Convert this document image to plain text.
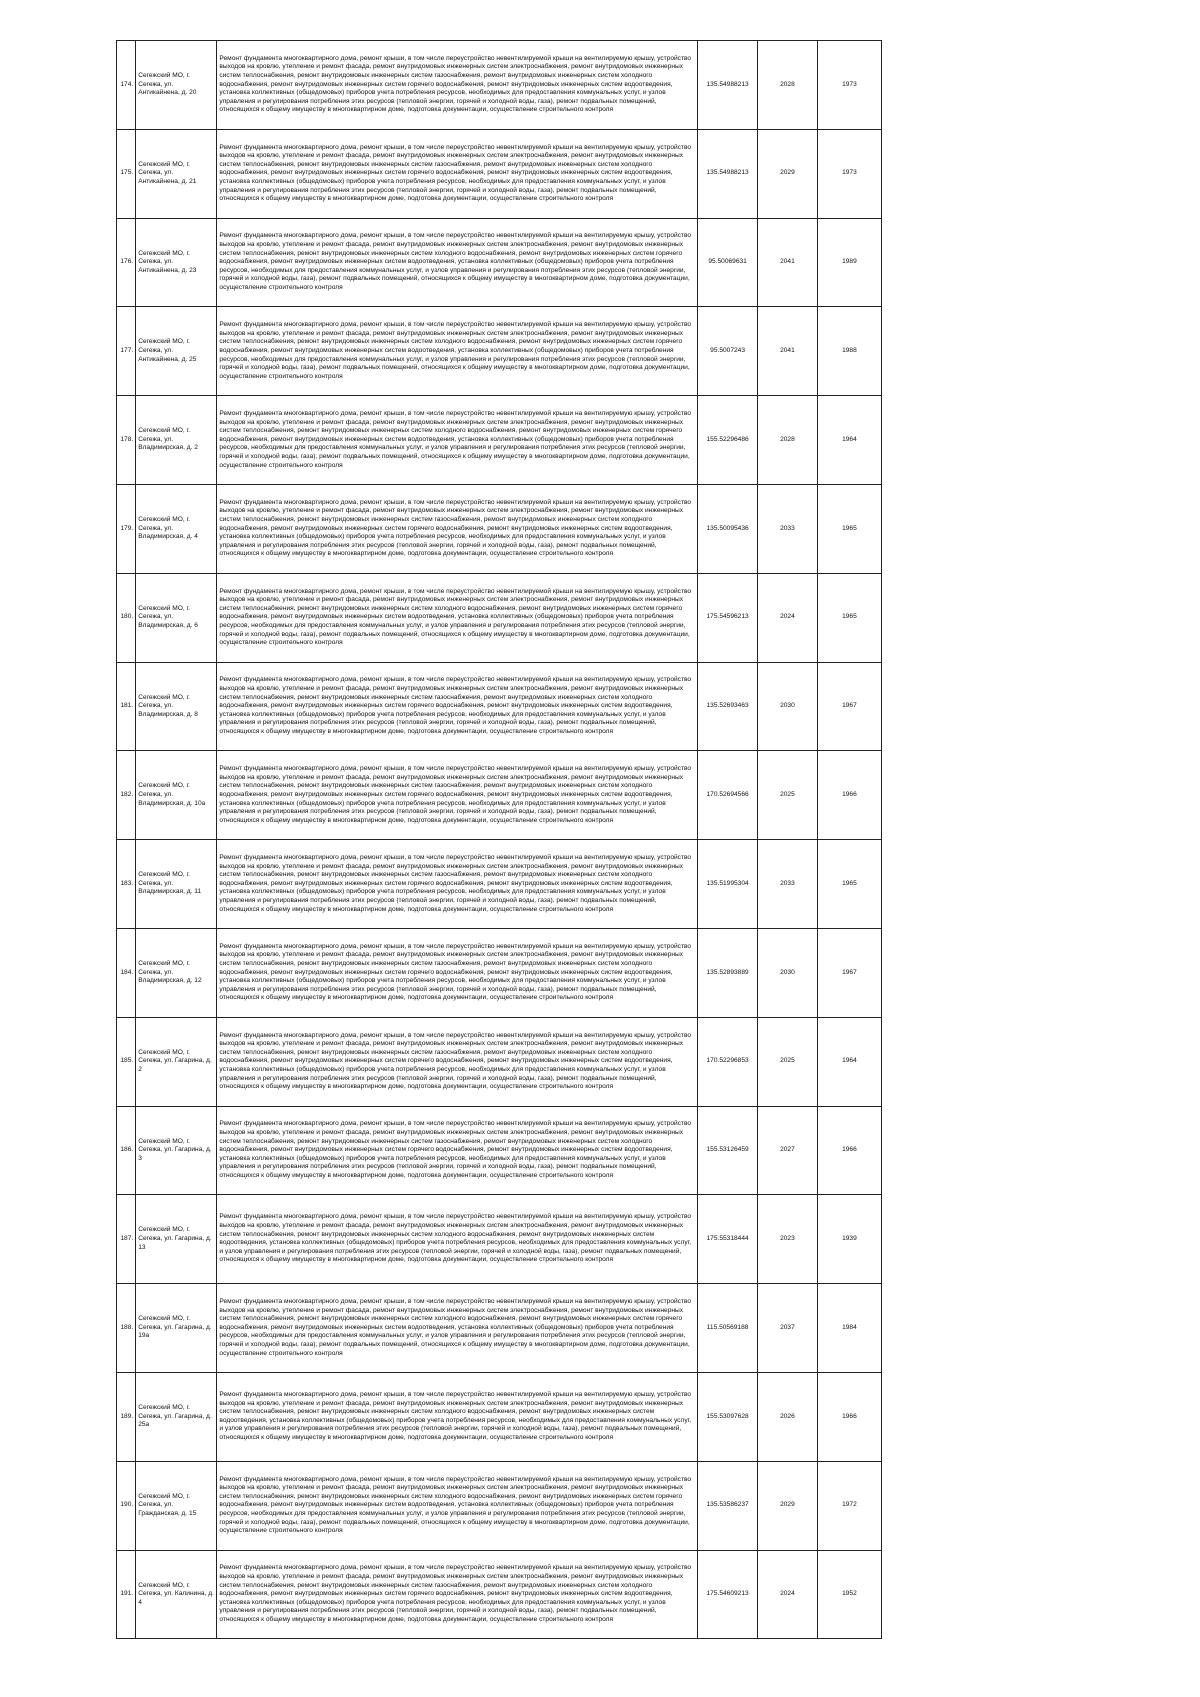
174.	Сегежский МО, г. Сегежа, ул. Антикайнена, д. 20	Ремонт фундамента многоквартирного дома, ремонт крыши, в том числе переустройство невентилируемой крыши на вентилируемую крышу, устройство выходов на кровлю, утепление и ремонт фасада, ремонт внутридомовых инженерных систем электроснабжения, ремонт внутридомовых инженерных систем теплоснабжения, ремонт внутридомовых инженерных систем газоснабжения, ремонт внутридомовых инженерных систем холодного водоснабжения, ремонт внутридомовых инженерных систем горячего водоснабжения, ремонт внутридомовых инженерных систем водоотведения, установка коллективных (общедомовых) приборов учета потребления ресурсов, необходимых для предоставления коммунальных услуг, и узлов управления и регулирования потребления этих ресурсов (тепловой энергии, горячей и холодной воды, газа), ремонт подвальных помещений, относящихся к общему имуществу в многоквартирном доме, подготовка документации, осуществление строительного контроля	135.54988213	2028	1973
175.	Сегежский МО, г. Сегежа, ул. Антикайнена, д. 21	Ремонт фундамента многоквартирного дома, ремонт крыши, в том числе переустройство невентилируемой крыши на вентилируемую крышу, устройство выходов на кровлю, утепление и ремонт фасада, ремонт внутридомовых инженерных систем электроснабжения, ремонт внутридомовых инженерных систем теплоснабжения, ремонт внутридомовых инженерных систем газоснабжения, ремонт внутридомовых инженерных систем холодного водоснабжения, ремонт внутридомовых инженерных систем горячего водоснабжения, ремонт внутридомовых инженерных систем водоотведения, установка коллективных (общедомовых) приборов учета потребления ресурсов, необходимых для предоставления коммунальных услуг, и узлов управления и регулирования потребления этих ресурсов (тепловой энергии, горячей и холодной воды, газа), ремонт подвальных помещений, относящихся к общему имуществу в многоквартирном доме, подготовка документации, осуществление строительного контроля	135.54988213	2029	1973
176.	Сегежский МО, г. Сегежа, ул. Антикайнена, д. 23	Ремонт фундамента многоквартирного дома, ремонт крыши, в том числе переустройство невентилируемой крыши на вентилируемую крышу, устройство выходов на кровлю, утепление и ремонт фасада, ремонт внутридомовых инженерных систем электроснабжения, ремонт внутридомовых инженерных систем теплоснабжения, ремонт внутридомовых инженерных систем холодного водоснабжения, ремонт внутридомовых инженерных систем горячего водоснабжения, ремонт внутридомовых инженерных систем водоотведения, установка коллективных (общедомовых) приборов учета потребления ресурсов, необходимых для предоставления коммунальных услуг, и узлов управления и регулирования потребления этих ресурсов (тепловой энергии, горячей и холодной воды, газа), ремонт подвальных помещений, относящихся к общему имуществу в многоквартирном доме, подготовка документации, осуществление строительного контроля	95.50069631	2041	1989
177.	Сегежский МО, г. Сегежа, ул. Антикайнена, д. 25	Ремонт фундамента многоквартирного дома, ремонт крыши, в том числе переустройство невентилируемой крыши на вентилируемую крышу, устройство выходов на кровлю, утепление и ремонт фасада, ремонт внутридомовых инженерных систем электроснабжения, ремонт внутридомовых инженерных систем теплоснабжения, ремонт внутридомовых инженерных систем холодного водоснабжения, ремонт внутридомовых инженерных систем горячего водоснабжения, ремонт внутридомовых инженерных систем водоотведения, установка коллективных (общедомовых) приборов учета потребления ресурсов, необходимых для предоставления коммунальных услуг, и узлов управления и регулирования потребления этих ресурсов (тепловой энергии, горячей и холодной воды, газа), ремонт подвальных помещений, относящихся к общему имуществу в многоквартирном доме, подготовка документации, осуществление строительного контроля	95.5007243	2041	1988
178.	Сегежский МО, г. Сегежа, ул. Владимирская, д. 2	Ремонт фундамента многоквартирного дома, ремонт крыши, в том числе переустройство невентилируемой крыши на вентилируемую крышу, устройство выходов на кровлю, утепление и ремонт фасада, ремонт внутридомовых инженерных систем электроснабжения, ремонт внутридомовых инженерных систем теплоснабжения, ремонт внутридомовых инженерных систем холодного водоснабжения, ремонт внутридомовых инженерных систем горячего водоснабжения, ремонт внутридомовых инженерных систем водоотведения, установка коллективных (общедомовых) приборов учета потребления ресурсов, необходимых для предоставления коммунальных услуг, и узлов управления и регулирования потребления этих ресурсов (тепловой энергии, горячей и холодной воды, газа), ремонт подвальных помещений, относящихся к общему имуществу в многоквартирном доме, подготовка документации, осуществление строительного контроля	155.52296486	2028	1964
179.	Сегежский МО, г. Сегежа, ул. Владимирская, д. 4	Ремонт фундамента многоквартирного дома, ремонт крыши, в том числе переустройство невентилируемой крыши на вентилируемую крышу, устройство выходов на кровлю, утепление и ремонт фасада, ремонт внутридомовых инженерных систем электроснабжения, ремонт внутридомовых инженерных систем теплоснабжения, ремонт внутридомовых инженерных систем газоснабжения, ремонт внутридомовых инженерных систем холодного водоснабжения, ремонт внутридомовых инженерных систем горячего водоснабжения, ремонт внутридомовых инженерных систем водоотведения, установка коллективных (общедомовых) приборов учета потребления ресурсов, необходимых для предоставления коммунальных услуг, и узлов управления и регулирования потребления этих ресурсов (тепловой энергии, горячей и холодной воды, газа), ремонт подвальных помещений, относящихся к общему имуществу в многоквартирном доме, подготовка документации, осуществление строительного контроля	135.50095436	2033	1965
180.	Сегежский МО, г. Сегежа, ул. Владимирская, д. 6	Ремонт фундамента многоквартирного дома, ремонт крыши, в том числе переустройство невентилируемой крыши на вентилируемую крышу, устройство выходов на кровлю, утепление и ремонт фасада, ремонт внутридомовых инженерных систем электроснабжения, ремонт внутридомовых инженерных систем теплоснабжения, ремонт внутридомовых инженерных систем холодного водоснабжения, ремонт внутридомовых инженерных систем горячего водоснабжения, ремонт внутридомовых инженерных систем водоотведения, установка коллективных (общедомовых) приборов учета потребления ресурсов, необходимых для предоставления коммунальных услуг, и узлов управления и регулирования потребления этих ресурсов (тепловой энергии, горячей и холодной воды, газа), ремонт подвальных помещений, относящихся к общему имуществу в многоквартирном доме, подготовка документации, осуществление строительного контроля	175.54596213	2024	1965
181.	Сегежский МО, г. Сегежа, ул. Владимирская, д. 8	Ремонт фундамента многоквартирного дома, ремонт крыши, в том числе переустройство невентилируемой крыши на вентилируемую крышу, устройство выходов на кровлю, утепление и ремонт фасада, ремонт внутридомовых инженерных систем электроснабжения, ремонт внутридомовых инженерных систем теплоснабжения, ремонт внутридомовых инженерных систем газоснабжения, ремонт внутридомовых инженерных систем холодного водоснабжения, ремонт внутридомовых инженерных систем горячего водоснабжения, ремонт внутридомовых инженерных систем водоотведения, установка коллективных (общедомовых) приборов учета потребления ресурсов, необходимых для предоставления коммунальных услуг, и узлов управления и регулирования потребления этих ресурсов (тепловой энергии, горячей и холодной воды, газа), ремонт подвальных помещений, относящихся к общему имуществу в многоквартирном доме, подготовка документации, осуществление строительного контроля	135.52693463	2030	1967
182.	Сегежский МО, г. Сегежа, ул. Владимирская, д. 10а	Ремонт фундамента многоквартирного дома, ремонт крыши, в том числе переустройство невентилируемой крыши на вентилируемую крышу, устройство выходов на кровлю, утепление и ремонт фасада, ремонт внутридомовых инженерных систем электроснабжения, ремонт внутридомовых инженерных систем теплоснабжения, ремонт внутридомовых инженерных систем газоснабжения, ремонт внутридомовых инженерных систем холодного водоснабжения, ремонт внутридомовых инженерных систем горячего водоснабжения, ремонт внутридомовых инженерных систем водоотведения, установка коллективных (общедомовых) приборов учета потребления ресурсов, необходимых для предоставления коммунальных услуг, и узлов управления и регулирования потребления этих ресурсов (тепловой энергии, горячей и холодной воды, газа), ремонт подвальных помещений, относящихся к общему имуществу в многоквартирном доме, подготовка документации, осуществление строительного контроля	170.52694566	2025	1966
183.	Сегежский МО, г. Сегежа, ул. Владимирская, д. 11	Ремонт фундамента многоквартирного дома, ремонт крыши, в том числе переустройство невентилируемой крыши на вентилируемую крышу, устройство выходов на кровлю, утепление и ремонт фасада, ремонт внутридомовых инженерных систем электроснабжения, ремонт внутридомовых инженерных систем теплоснабжения, ремонт внутридомовых инженерных систем газоснабжения, ремонт внутридомовых инженерных систем холодного водоснабжения, ремонт внутридомовых инженерных систем горячего водоснабжения, ремонт внутридомовых инженерных систем водоотведения, установка коллективных (общедомовых) приборов учета потребления ресурсов, необходимых для предоставления коммунальных услуг, и узлов управления и регулирования потребления этих ресурсов (тепловой энергии, горячей и холодной воды, газа), ремонт подвальных помещений, относящихся к общему имуществу в многоквартирном доме, подготовка документации, осуществление строительного контроля	135.51995304	2033	1965
184.	Сегежский МО, г. Сегежа, ул. Владимирская, д. 12	Ремонт фундамента многоквартирного дома, ремонт крыши, в том числе переустройство невентилируемой крыши на вентилируемую крышу, устройство выходов на кровлю, утепление и ремонт фасада, ремонт внутридомовых инженерных систем электроснабжения, ремонт внутридомовых инженерных систем теплоснабжения, ремонт внутридомовых инженерных систем газоснабжения, ремонт внутридомовых инженерных систем холодного водоснабжения, ремонт внутридомовых инженерных систем горячего водоснабжения, ремонт внутридомовых инженерных систем водоотведения, установка коллективных (общедомовых) приборов учета потребления ресурсов, необходимых для предоставления коммунальных услуг, и узлов управления и регулирования потребления этих ресурсов (тепловой энергии, горячей и холодной воды, газа), ремонт подвальных помещений, относящихся к общему имуществу в многоквартирном доме, подготовка документации, осуществление строительного контроля	135.52893889	2030	1967
185.	Сегежский МО, г. Сегежа, ул. Гагарина, д. 2	Ремонт фундамента многоквартирного дома, ремонт крыши, в том числе переустройство невентилируемой крыши на вентилируемую крышу, устройство выходов на кровлю, утепление и ремонт фасада, ремонт внутридомовых инженерных систем электроснабжения, ремонт внутридомовых инженерных систем теплоснабжения, ремонт внутридомовых инженерных систем газоснабжения, ремонт внутридомовых инженерных систем холодного водоснабжения, ремонт внутридомовых инженерных систем горячего водоснабжения, ремонт внутридомовых инженерных систем водоотведения, установка коллективных (общедомовых) приборов учета потребления ресурсов, необходимых для предоставления коммунальных услуг, и узлов управления и регулирования потребления этих ресурсов (тепловой энергии, горячей и холодной воды, газа), ремонт подвальных помещений, относящихся к общему имуществу в многоквартирном доме, подготовка документации, осуществление строительного контроля	170.52296853	2025	1964
186.	Сегежский МО, г. Сегежа, ул. Гагарина, д. 3	Ремонт фундамента многоквартирного дома, ремонт крыши, в том числе переустройство невентилируемой крыши на вентилируемую крышу, устройство выходов на кровлю, утепление и ремонт фасада, ремонт внутридомовых инженерных систем электроснабжения, ремонт внутридомовых инженерных систем теплоснабжения, ремонт внутридомовых инженерных систем газоснабжения, ремонт внутридомовых инженерных систем холодного водоснабжения, ремонт внутридомовых инженерных систем горячего водоснабжения, ремонт внутридомовых инженерных систем водоотведения, установка коллективных (общедомовых) приборов учета потребления ресурсов, необходимых для предоставления коммунальных услуг, и узлов управления и регулирования потребления этих ресурсов (тепловой энергии, горячей и холодной воды, газа), ремонт подвальных помещений, относящихся к общему имуществу в многоквартирном доме, подготовка документации, осуществление строительного контроля	155.53126459	2027	1966
187.	Сегежский МО, г. Сегежа, ул. Гагарина, д. 13	Ремонт фундамента многоквартирного дома, ремонт крыши, в том числе переустройство невентилируемой крыши на вентилируемую крышу, устройство выходов на кровлю, утепление и ремонт фасада, ремонт внутридомовых инженерных систем электроснабжения, ремонт внутридомовых инженерных систем теплоснабжения, ремонт внутридомовых инженерных систем холодного водоснабжения, ремонт внутридомовых инженерных систем водоотведения, установка коллективных (общедомовых) приборов учета потребления ресурсов, необходимых для предоставления коммунальных услуг, и узлов управления и регулирования потребления этих ресурсов (тепловой энергии, горячей и холодной воды, газа), ремонт подвальных помещений, относящихся к общему имуществу в многоквартирном доме, подготовка документации, осуществление строительного контроля	175.55318444	2023	1939
188.	Сегежский МО, г. Сегежа, ул. Гагарина, д. 19а	Ремонт фундамента многоквартирного дома, ремонт крыши, в том числе переустройство невентилируемой крыши на вентилируемую крышу, устройство выходов на кровлю, утепление и ремонт фасада, ремонт внутридомовых инженерных систем электроснабжения, ремонт внутридомовых инженерных систем теплоснабжения, ремонт внутридомовых инженерных систем холодного водоснабжения, ремонт внутридомовых инженерных систем горячего водоснабжения, ремонт внутридомовых инженерных систем водоотведения, установка коллективных (общедомовых) приборов учета потребления ресурсов, необходимых для предоставления коммунальных услуг, и узлов управления и регулирования потребления этих ресурсов (тепловой энергии, горячей и холодной воды, газа), ремонт подвальных помещений, относящихся к общему имуществу в многоквартирном доме, подготовка документации, осуществление строительного контроля	115.50569188	2037	1984
189.	Сегежский МО, г. Сегежа, ул. Гагарина, д. 25а	Ремонт фундамента многоквартирного дома, ремонт крыши, в том числе переустройство невентилируемой крыши на вентилируемую крышу, устройство выходов на кровлю, утепление и ремонт фасада, ремонт внутридомовых инженерных систем электроснабжения, ремонт внутридомовых инженерных систем теплоснабжения, ремонт внутридомовых инженерных систем холодного водоснабжения, ремонт внутридомовых инженерных систем водоотведения, установка коллективных (общедомовых) приборов учета потребления ресурсов, необходимых для предоставления коммунальных услуг, и узлов управления и регулирования потребления этих ресурсов (тепловой энергии, горячей и холодной воды, газа), ремонт подвальных помещений, относящихся к общему имуществу в многоквартирном доме, подготовка документации, осуществление строительного контроля	155.53097628	2026	1966
190.	Сегежский МО, г. Сегежа, ул. Гражданская, д. 15	Ремонт фундамента многоквартирного дома, ремонт крыши, в том числе переустройство невентилируемой крыши на вентилируемую крышу, устройство выходов на кровлю, утепление и ремонт фасада, ремонт внутридомовых инженерных систем электроснабжения, ремонт внутридомовых инженерных систем теплоснабжения, ремонт внутридомовых инженерных систем холодного водоснабжения, ремонт внутридомовых инженерных систем горячего водоснабжения, ремонт внутридомовых инженерных систем водоотведения, установка коллективных (общедомовых) приборов учета потребления ресурсов, необходимых для предоставления коммунальных услуг, и узлов управления и регулирования потребления этих ресурсов (тепловой энергии, горячей и холодной воды, газа), ремонт подвальных помещений, относящихся к общему имуществу в многоквартирном доме, подготовка документации, осуществление строительного контроля	135.53586237	2029	1972
191.	Сегежский МО, г. Сегежа, ул. Калинина, д. 4	Ремонт фундамента многоквартирного дома, ремонт крыши, в том числе переустройство невентилируемой крыши на вентилируемую крышу, устройство выходов на кровлю, утепление и ремонт фасада, ремонт внутридомовых инженерных систем электроснабжения, ремонт внутридомовых инженерных систем теплоснабжения, ремонт внутридомовых инженерных систем газоснабжения, ремонт внутридомовых инженерных систем холодного водоснабжения, ремонт внутридомовых инженерных систем горячего водоснабжения, ремонт внутридомовых инженерных систем водоотведения, установка коллективных (общедомовых) приборов учета потребления ресурсов, необходимых для предоставления коммунальных услуг, и узлов управления и регулирования потребления этих ресурсов (тепловой энергии, горячей и холодной воды, газа), ремонт подвальных помещений, относящихся к общему имуществу в многоквартирном доме, подготовка документации, осуществление строительного контроля	175.54609213	2024	1952
